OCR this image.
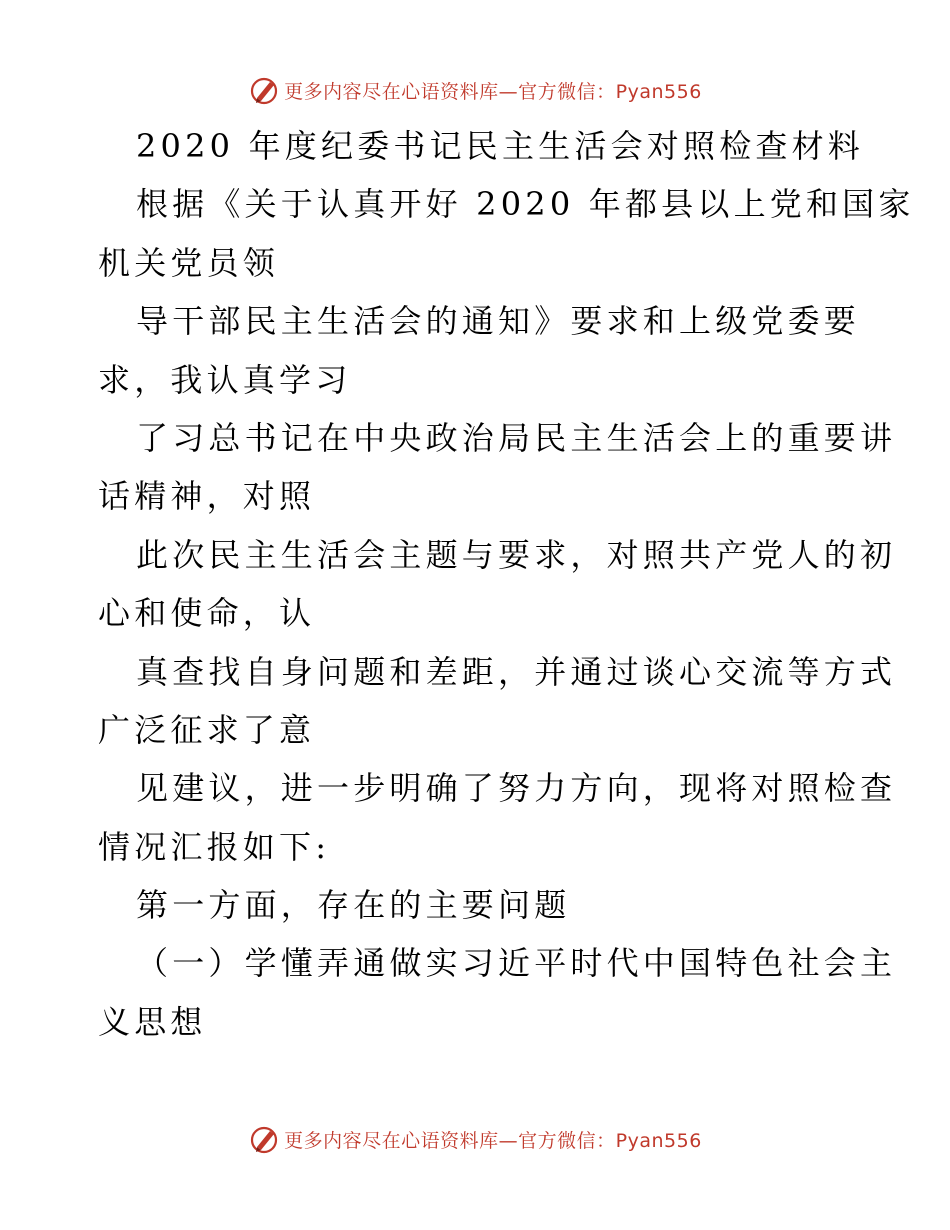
更多内容尽在心语资料库—官方微信：Pyan556
2020 年度纪委书记民主生活会对照检查材料
根据《关于认真开好 2020 年都县以上党和国家
机关党员领
导干部民主生活会的通知》要求和上级党委要
求，我认真学习
了习总书记在中央政治局民主生活会上的重要讲
话精神，对照
此次民主生活会主题与要求，对照共产党人的初
心和使命，认
真查找自身问题和差距，并通过谈心交流等方式
广泛征求了意
见建议，进一步明确了努力方向，现将对照检查
情况汇报如下:
第一方面，存在的主要问题
（一）学懂弄通做实习近平时代中国特色社会主
义思想
更多内容尽在心语资料库—官方微信：Pyan556
